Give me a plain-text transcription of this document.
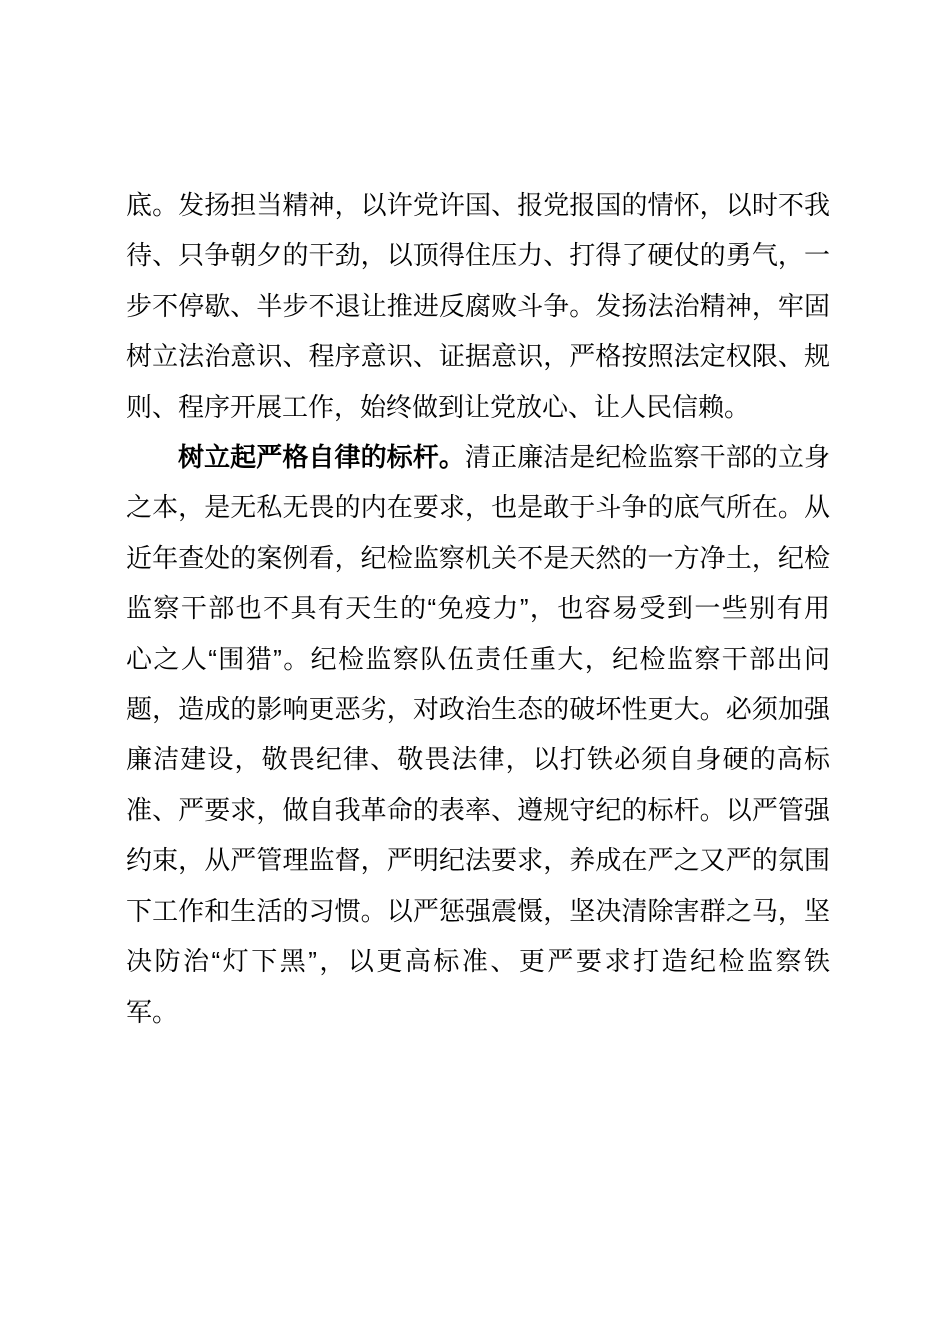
底。发扬担当精神，以许党许国、报党报国的情怀，以时不我
待、只争朝夕的干劲，以顶得住压力、打得了硬仗的勇气，一
步不停歇、半步不退让推进反腐败斗争。发扬法治精神，牢固
树立法治意识、程序意识、证据意识，严格按照法定权限、规
则、程序开展工作，始终做到让党放心、让人民信赖。
树立起严格自律的标杆。清正廉洁是纪检监察干部的立身
之本，是无私无畏的内在要求，也是敢于斗争的底气所在。从
近年查处的案例看，纪检监察机关不是天然的一方净土，纪检
监察干部也不具有天生的“免疫力”，也容易受到一些别有用
心之人“围猎”。纪检监察队伍责任重大，纪检监察干部出问
题，造成的影响更恶劣，对政治生态的破坏性更大。必须加强
廉洁建设，敬畏纪律、敬畏法律，以打铁必须自身硬的高标
准、严要求，做自我革命的表率、遵规守纪的标杆。以严管强
约束，从严管理监督，严明纪法要求，养成在严之又严的氛围
下工作和生活的习惯。以严惩强震慑，坚决清除害群之马，坚
决防治“灯下黑”，以更高标准、更严要求打造纪检监察铁
军。
